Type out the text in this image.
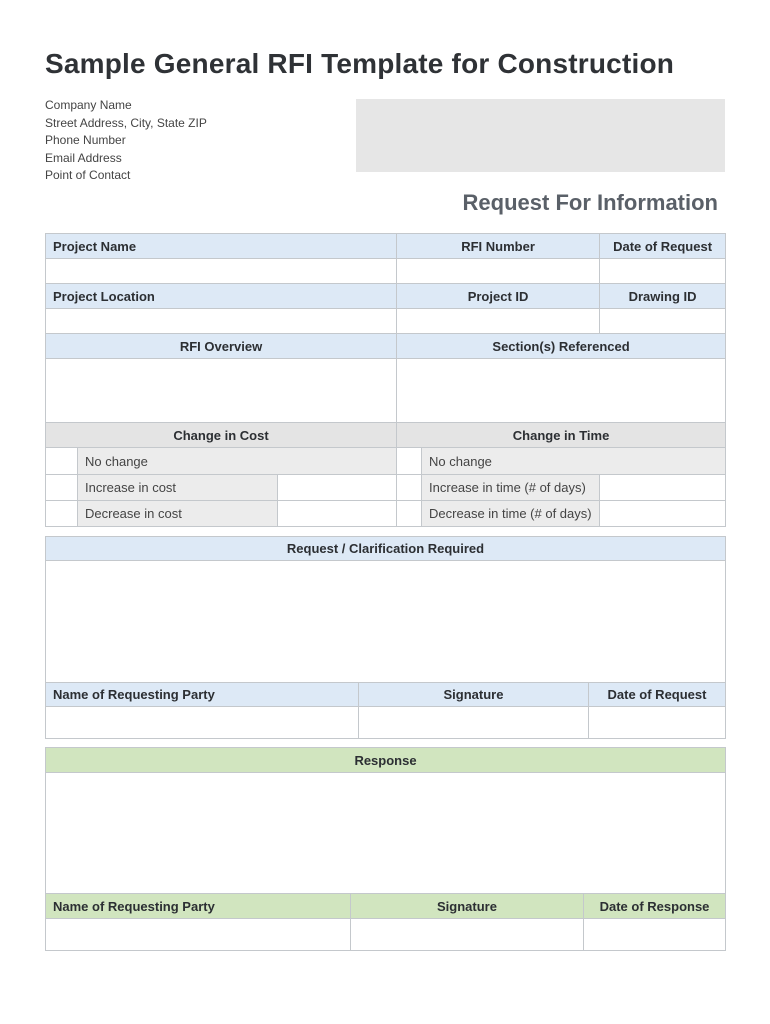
Sample General RFI Template for Construction
Company Name
Street Address, City, State ZIP
Phone Number
Email Address
Point of Contact
Request For Information
Project Name			RFI Number		Date of Request

Project Location			Project ID		Drawing ID

RFI Overview			Section(s) Referenced		

Change in Cost			Change in Time		
	No change			No change	
	Increase in cost			Increase in time (# of days)	
	Decrease in cost			Decrease in time (# of days)	
Request / Clarification Required		

Name of Requesting Party	Signature	Date of Request

Response		

Name of Requesting Party	Signature	Date of Response
